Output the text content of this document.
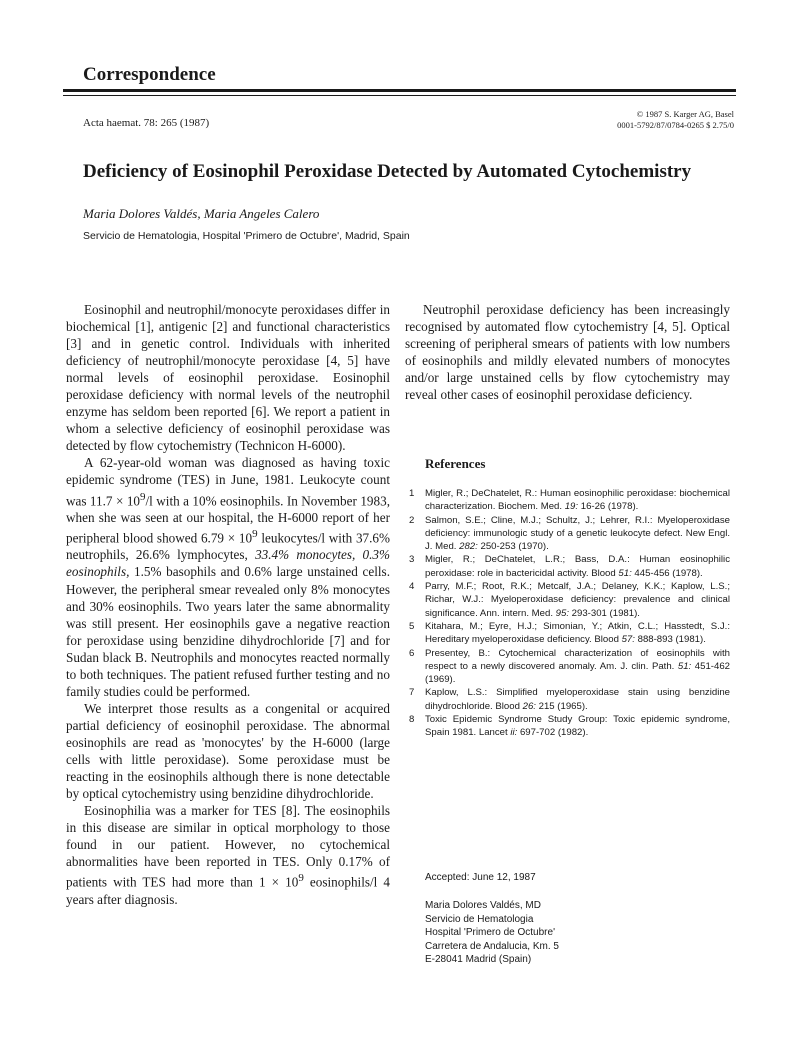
Correspondence
Acta haemat. 78: 265 (1987)
© 1987 S. Karger AG, Basel
0001-5792/87/0784-0265 $ 2.75/0
Deficiency of Eosinophil Peroxidase Detected by Automated Cytochemistry
Maria Dolores Valdés, Maria Angeles Calero
Servicio de Hematologia, Hospital 'Primero de Octubre', Madrid, Spain

Eosinophil and neutrophil/monocyte peroxidases differ in biochemical [1], antigenic [2] and functional characteristics [3] and in genetic control. Individuals with inherited deficiency of neutrophil/monocyte peroxidase [4, 5] have normal levels of eosinophil peroxidase. Eosinophil peroxidase deficiency with normal levels of the neutrophil enzyme has seldom been reported [6]. We report a patient in whom a selective deficiency of eosinophil peroxidase was detected by flow cytochemistry (Technicon H-6000).

A 62-year-old woman was diagnosed as having toxic epidemic syndrome (TES) in June, 1981. Leukocyte count was $11.7 \times 10^9/l$ with a 10% eosinophils. In November 1983, when she was seen at our hospital, the H-6000 report of her peripheral blood showed $6.79 \times 10^9$ leukocytes/l with 37.6% neutrophils, 26.6% lymphocytes, 33.4% monocytes, 0.3% eosinophils, 1.5% basophils and 0.6% large unstained cells. However, the peripheral smear revealed only 8% monocytes and 30% eosinophils. Two years later the same abnormality was still present. Her eosinophils gave a negative reaction for peroxidase using benzidine dihydrochloride [7] and for Sudan black B. Neutrophils and monocytes reacted normally to both techniques. The patient refused further testing and no family studies could be performed.

We interpret those results as a congenital or acquired partial deficiency of eosinophil peroxidase. The abnormal eosinophils are read as 'monocytes' by the H-6000 (large cells with little peroxidase). Some peroxidase must be reacting in the eosinophils although there is none detectable by optical cytochemistry using benzidine dihydrochloride.

Eosinophilia was a marker for TES [8]. The eosinophils in this disease are similar in optical morphology to those found in our patient. However, no cytochemical abnormalities have been reported in TES. Only 0.17% of patients with TES had more than $1 \times 10^9$ eosinophils/l 4 years after diagnosis.

Neutrophil peroxidase deficiency has been increasingly recognised by automated flow cytochemistry [4, 5]. Optical screening of peripheral smears of patients with low numbers of eosinophils and mildly elevated numbers of monocytes and/or large unstained cells by flow cytochemistry may reveal other cases of eosinophil peroxidase deficiency.

References
1 Migler, R.; DeChatelet, R.: Human eosinophilic peroxidase: biochemical characterization. Biochem. Med. 19: 16-26 (1978).
2 Salmon, S.E.; Cline, M.J.; Schultz, J.; Lehrer, R.I.: Myeloperoxidase deficiency: immunologic study of a genetic leukocyte defect. New Engl. J. Med. 282: 250-253 (1970).
3 Migler, R.; DeChatelet, L.R.; Bass, D.A.: Human eosinophilic peroxidase: role in bactericidal activity. Blood 51: 445-456 (1978).
4 Parry, M.F.; Root, R.K.; Metcalf, J.A.; Delaney, K.K.; Kaplow, L.S.; Richar, W.J.: Myeloperoxidase deficiency: prevalence and clinical significance. Ann. intern. Med. 95: 293-301 (1981).
5 Kitahara, M.; Eyre, H.J.; Simonian, Y.; Atkin, C.L.; Hasstedt, S.J.: Hereditary myeloperoxidase deficiency. Blood 57: 888-893 (1981).
6 Presentey, B.: Cytochemical characterization of eosinophils with respect to a newly discovered anomaly. Am. J. clin. Path. 51: 451-462 (1969).
7 Kaplow, L.S.: Simplified myeloperoxidase stain using benzidine dihydrochloride. Blood 26: 215 (1965).
8 Toxic Epidemic Syndrome Study Group: Toxic epidemic syndrome, Spain 1981. Lancet ii: 697-702 (1982).
Accepted: June 12, 1987
Maria Dolores Valdés, MD
Servicio de Hematologia
Hospital 'Primero de Octubre'
Carretera de Andalucia, Km. 5
E-28041 Madrid (Spain)
